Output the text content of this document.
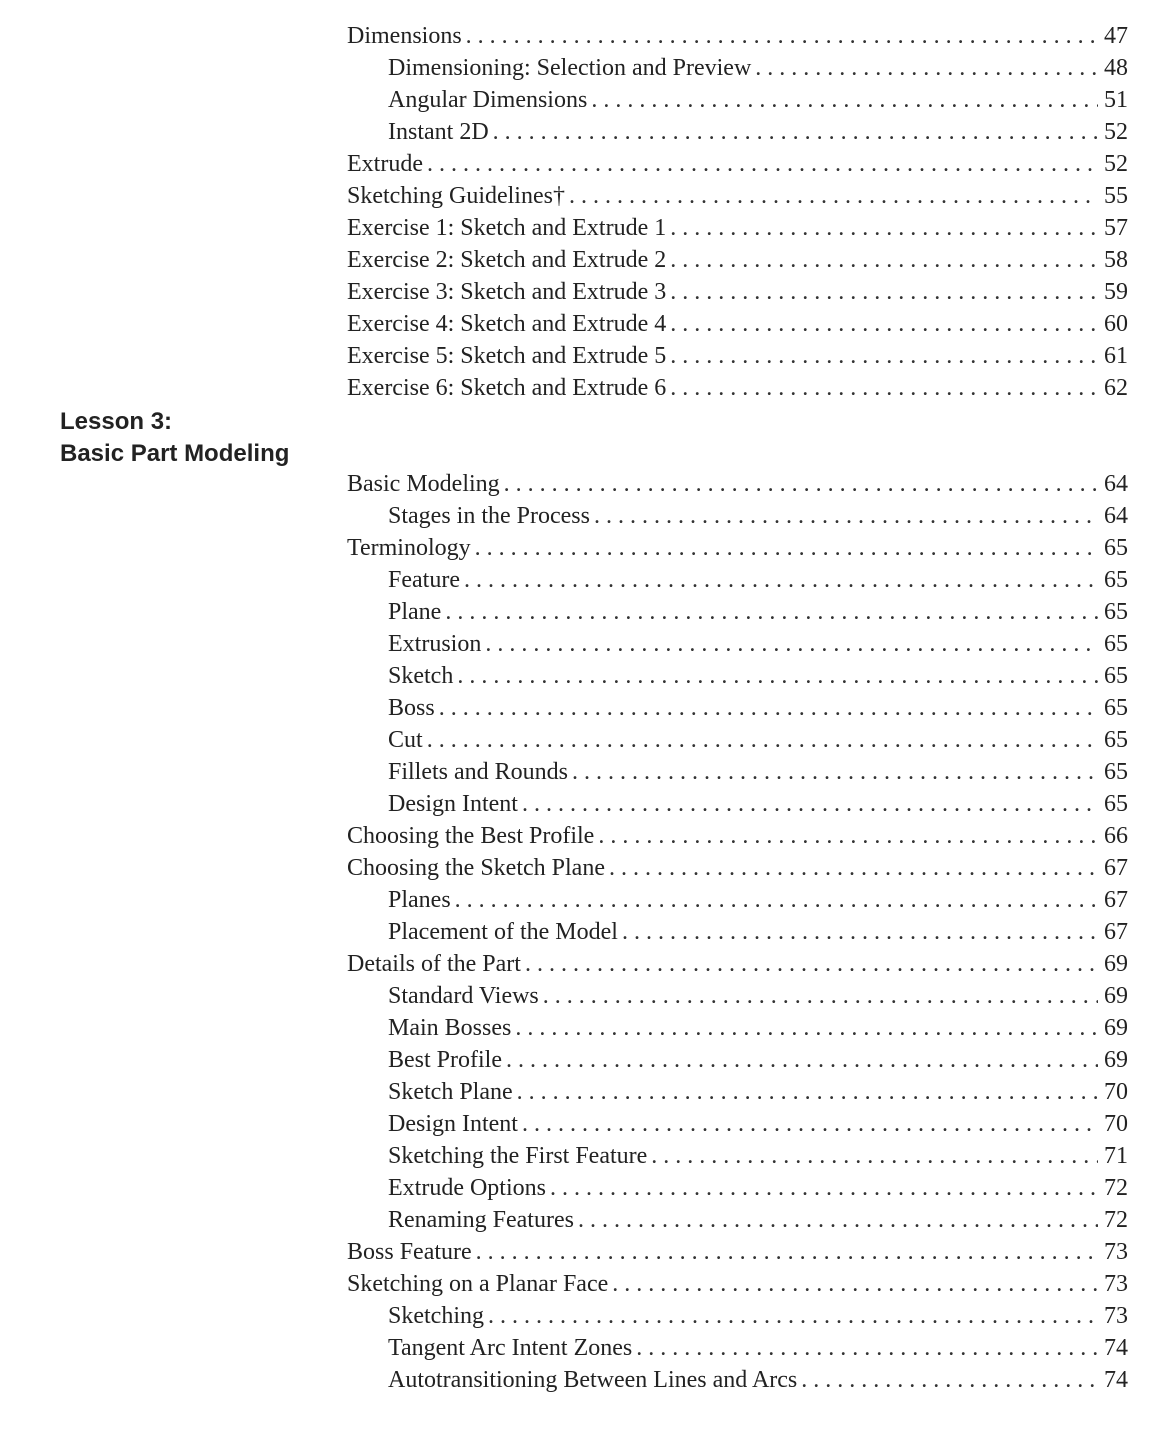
Dimensions . . .	47
Dimensioning: Selection and Preview . . .	48
Angular Dimensions . . .	51
Instant 2D . . .	52
Extrude . . .	52
Sketching Guidelines† . . .	55
Exercise 1: Sketch and Extrude 1 . . .	57
Exercise 2: Sketch and Extrude 2 . . .	58
Exercise 3: Sketch and Extrude 3 . . .	59
Exercise 4: Sketch and Extrude 4 . . .	60
Exercise 5: Sketch and Extrude 5 . . .	61
Exercise 6: Sketch and Extrude 6 . . .	62
Lesson 3:
Basic Part Modeling
Basic Modeling . . .	64
Stages in the Process . . .	64
Terminology . . .	65
Feature . . .	65
Plane . . .	65
Extrusion . . .	65
Sketch . . .	65
Boss . . .	65
Cut . . .	65
Fillets and Rounds . . .	65
Design Intent . . .	65
Choosing the Best Profile . . .	66
Choosing the Sketch Plane . . .	67
Planes . . .	67
Placement of the Model . . .	67
Details of the Part . . .	69
Standard Views . . .	69
Main Bosses . . .	69
Best Profile . . .	69
Sketch Plane . . .	70
Design Intent . . .	70
Sketching the First Feature . . .	71
Extrude Options . . .	72
Renaming Features . . .	72
Boss Feature . . .	73
Sketching on a Planar Face . . .	73
Sketching . . .	73
Tangent Arc Intent Zones . . .	74
Autotransitioning Between Lines and Arcs . . .	74
